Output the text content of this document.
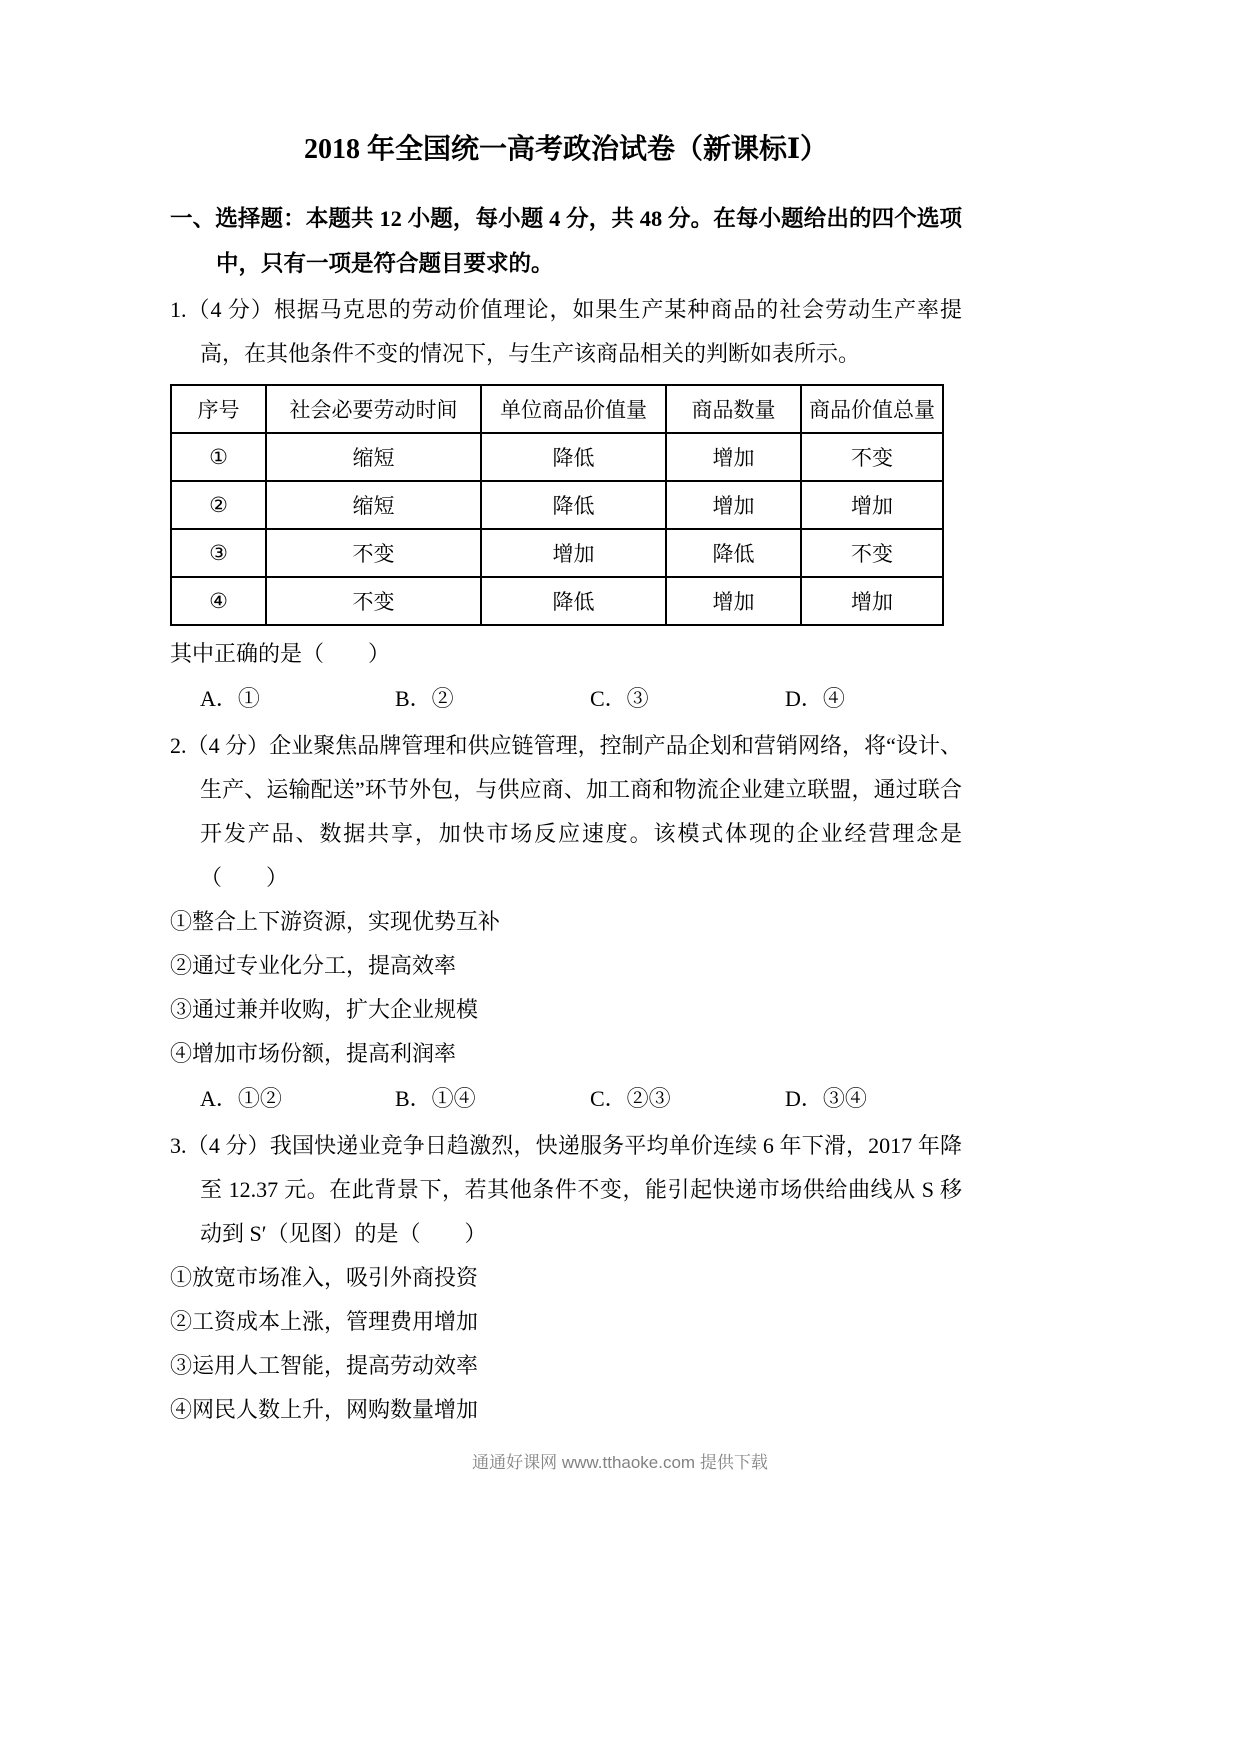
2018 年全国统一高考政治试卷（新课标Ⅰ）

一、选择题：本题共 12 小题，每小题 4 分，共 48 分。在每小题给出的四个选项中，只有一项是符合题目要求的。

1.（4 分）根据马克思的劳动价值理论，如果生产某种商品的社会劳动生产率提高，在其他条件不变的情况下，与生产该商品相关的判断如表所示。

序号	社会必要劳动时间	单位商品价值量	商品数量	商品价值总量
①	缩短	降低	增加	不变
②	缩短	降低	增加	增加
③	不变	增加	降低	不变
④	不变	降低	增加	增加

其中正确的是（　　）

A．①	B．②	C．③	D．④

2.（4 分）企业聚焦品牌管理和供应链管理，控制产品企划和营销网络，将“设计、生产、运输配送”环节外包，与供应商、加工商和物流企业建立联盟，通过联合开发产品、数据共享，加快市场反应速度。该模式体现的企业经营理念是（　　）

①整合上下游资源，实现优势互补

②通过专业化分工，提高效率

③通过兼并收购，扩大企业规模

④增加市场份额，提高利润率

A．①②	B．①④	C．②③	D．③④

3.（4 分）我国快递业竞争日趋激烈，快递服务平均单价连续 6 年下滑，2017 年降至 12.37 元。在此背景下，若其他条件不变，能引起快递市场供给曲线从 S 移动到 S′（见图）的是（　　）

①放宽市场准入，吸引外商投资

②工资成本上涨，管理费用增加

③运用人工智能，提高劳动效率

④网民人数上升，网购数量增加

通通好课网 www.tthaoke.com 提供下载
